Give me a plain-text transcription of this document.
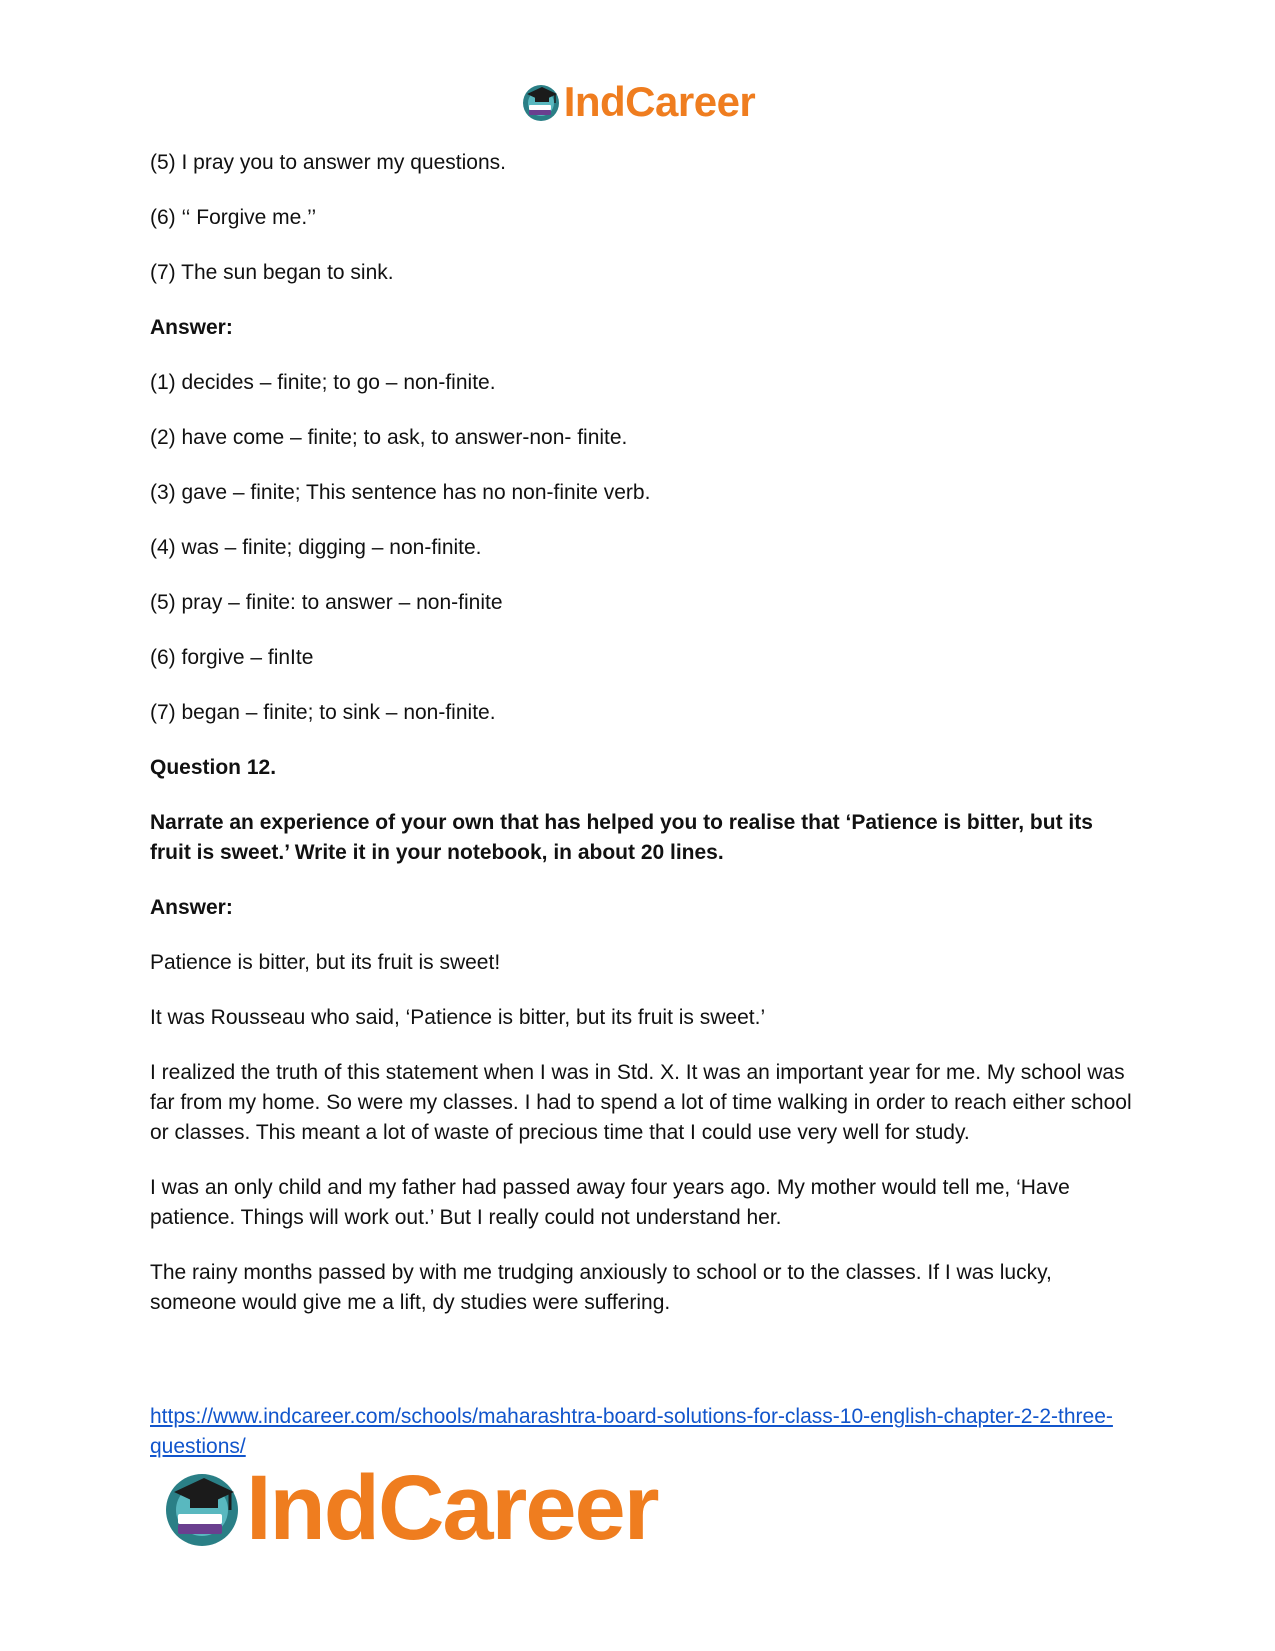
IndCareer

(5) I pray you to answer my questions.

(6) ‘‘ Forgive me.’’

(7) The sun began to sink.

Answer:

(1) decides – finite; to go – non-finite.

(2) have come – finite; to ask, to answer-non- finite.

(3) gave – finite; This sentence has no non-finite verb.

(4) was – finite; digging – non-finite.

(5) pray – finite: to answer – non-finite

(6) forgive – finIte

(7) began – finite; to sink – non-finite.

Question 12.

Narrate an experience of your own that has helped you to realise that ‘Patience is bitter, but its fruit is sweet.’ Write it in your notebook, in about 20 lines.

Answer:

Patience is bitter, but its fruit is sweet!

It was Rousseau who said, ‘Patience is bitter, but its fruit is sweet.’

I realized the truth of this statement when I was in Std. X. It was an important year for me. My school was far from my home. So were my classes. I had to spend a lot of time walking in order to reach either school or classes. This meant a lot of waste of precious time that I could use very well for study.

I was an only child and my father had passed away four years ago. My mother would tell me, ‘Have patience. Things will work out.’ But I really could not understand her.

The rainy months passed by with me trudging anxiously to school or to the classes. If I was lucky, someone would give me a lift, dy studies were suffering.

https://www.indcareer.com/schools/maharashtra-board-solutions-for-class-10-english-chapter-2-2-three-questions/
IndCareer
